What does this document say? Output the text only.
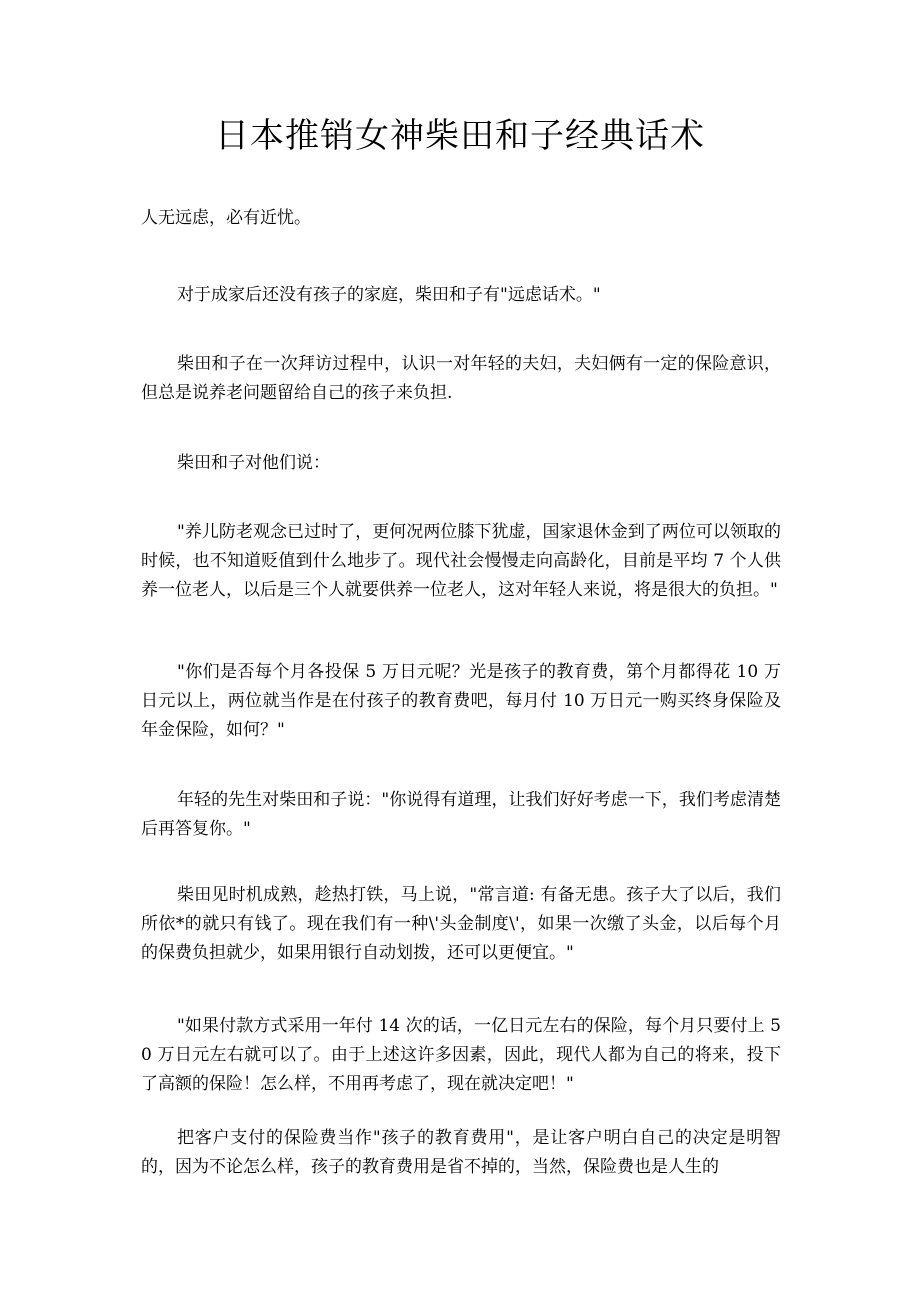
日本推销女神柴田和子经典话术

人无远虑，必有近忧。

对于成家后还没有孩子的家庭，柴田和子有"远虑话术。"

柴田和子在一次拜访过程中，认识一对年轻的夫妇，夫妇俩有一定的保险意识，但总是说养老问题留给自己的孩子来负担.

柴田和子对他们说：

"养儿防老观念已过时了，更何况两位膝下犹虚，国家退休金到了两位可以领取的时候，也不知道贬值到什么地步了。现代社会慢慢走向高龄化，目前是平均 7 个人供养一位老人，以后是三个人就要供养一位老人，这对年轻人来说，将是很大的负担。"

"你们是否每个月各投保 5 万日元呢？光是孩子的教育费，第个月都得花 10 万日元以上，两位就当作是在付孩子的教育费吧，每月付 10 万日元一购买终身保险及年金保险，如何？"

年轻的先生对柴田和子说："你说得有道理，让我们好好考虑一下，我们考虑清楚后再答复你。"

柴田见时机成熟，趁热打铁，马上说，"常言道: 有备无患。孩子大了以后，我们所依*的就只有钱了。现在我们有一种\'头金制度\'，如果一次缴了头金，以后每个月的保费负担就少，如果用银行自动划拨，还可以更便宜。"

"如果付款方式采用一年付 14 次的话，一亿日元左右的保险，每个月只要付上 50 万日元左右就可以了。由于上述这许多因素，因此，现代人都为自己的将来，投下了高额的保险！怎么样，不用再考虑了，现在就决定吧！"

把客户支付的保险费当作"孩子的教育费用"，是让客户明白自己的决定是明智的，因为不论怎么样，孩子的教育费用是省不掉的，当然，保险费也是人生的
